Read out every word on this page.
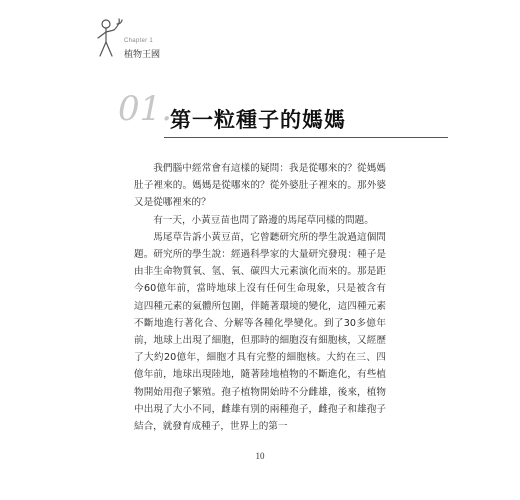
Chapter 1
植物王國
01.
第一粒種子的媽媽

我們腦中經常會有這樣的疑問：我是從哪來的？從媽媽肚子裡來的。媽媽是從哪來的？從外婆肚子裡來的。那外婆又是從哪裡來的？

有一天，小黃豆苗也問了路邊的馬尾草同樣的問題。

馬尾草告訴小黃豆苗，它曾聽研究所的學生說過這個問題。研究所的學生說：經過科學家的大量研究發現：種子是由非生命物質氧、氫、氧、碳四大元素演化而來的。那是距今60億年前，當時地球上沒有任何生命現象，只是被含有這四種元素的氣體所包圍，伴隨著環境的變化，這四種元素不斷地進行著化合、分解等各種化學變化。到了30多億年前，地球上出現了細胞，但那時的細胞沒有細胞核，又經歷了大約20億年，細胞才具有完整的細胞核。大約在三、四億年前，地球出現陸地，隨著陸地植物的不斷進化，有些植物開始用孢子繁殖。孢子植物開始時不分雌雄，後來，植物中出現了大小不同，雌雄有別的兩種孢子，雌孢子和雄孢子結合，就發育成種子，世界上的第一

10
